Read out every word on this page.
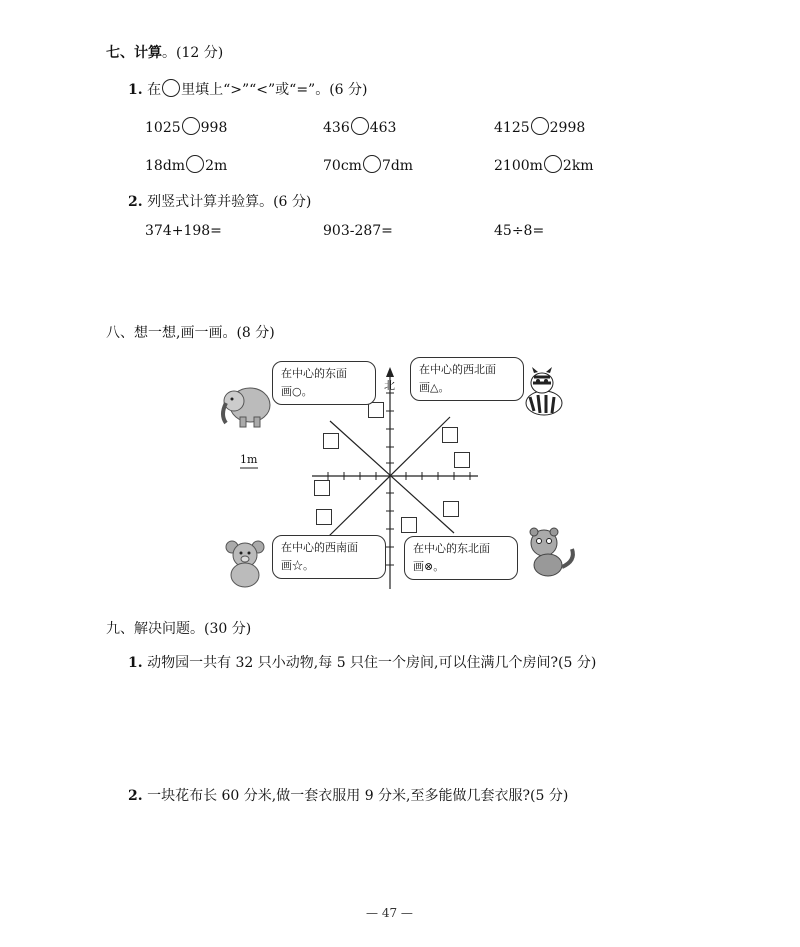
七、计算。(12 分)
1. 在 里填上“>”“<”或“=”。(6 分)
1025 998	436 463	4125 2998
18dm 2m	70cm 7dm	2100m 2km
2. 列竖式计算并验算。(6 分)
374+198=	903-287=	45÷8=
八、想一想,画一画。(8 分)
北
1m
在中心的东面
画○。
在中心的西北面
画△。
在中心的西南面
画☆。
在中心的东北面
画⊗。
九、解决问题。(30 分)
1. 动物园一共有 32 只小动物,每 5 只住一个房间,可以住满几个房间?(5 分)
2. 一块花布长 60 分米,做一套衣服用 9 分米,至多能做几套衣服?(5 分)
— 47 —
